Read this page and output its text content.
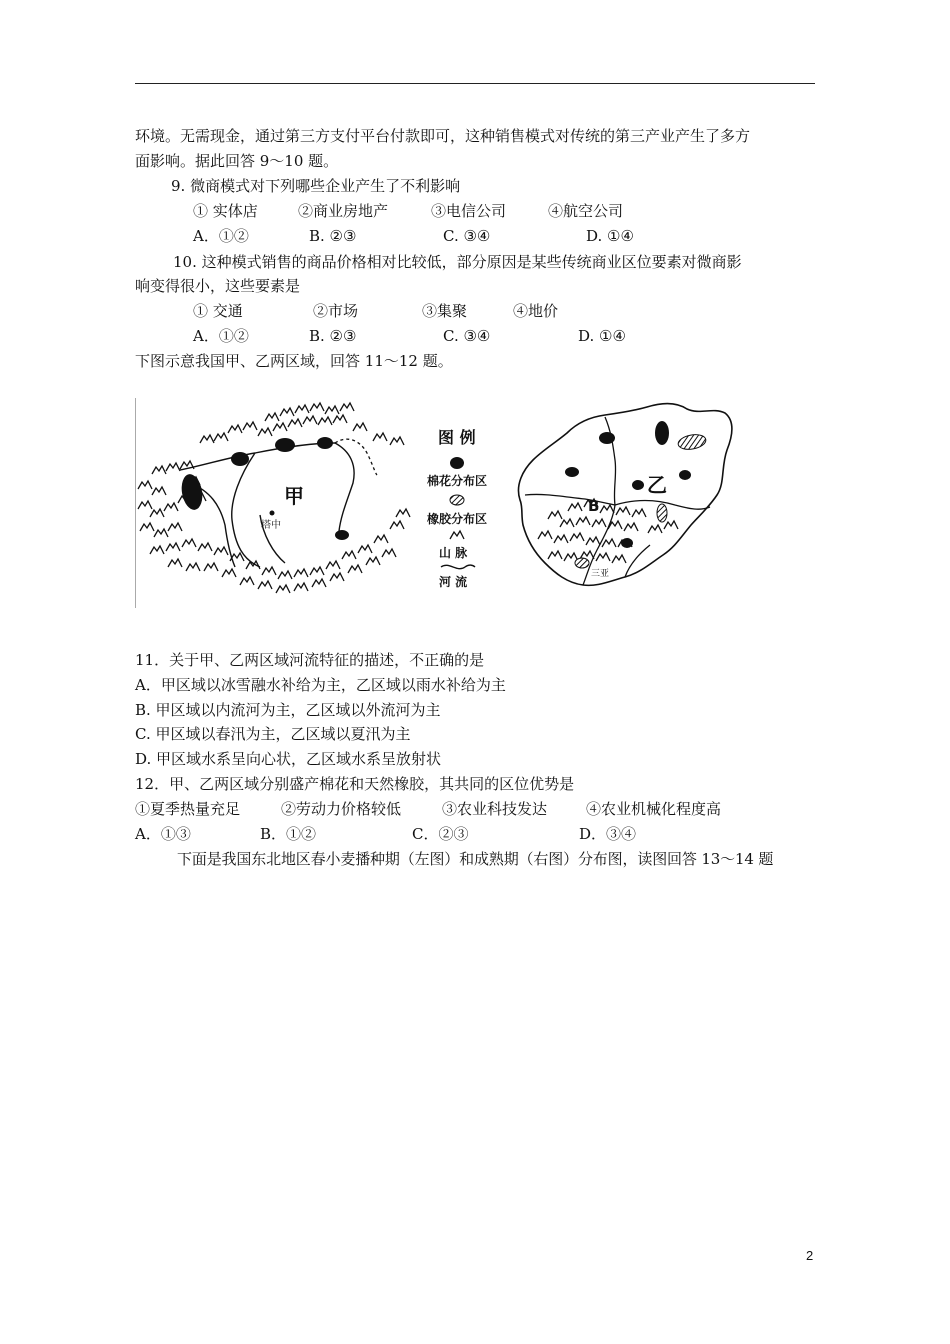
环境。无需现金，通过第三方支付平台付款即可，这种销售模式对传统的第三产业产生了多方
面影响。据此回答 9～10 题。
9. 微商模式对下列哪些企业产生了不利影响
① 实体店	②商业房地产	③电信公司	④航空公司
A．①②	B. ②③	C. ③④	D. ①④
10. 这种模式销售的商品价格相对比较低，部分原因是某些传统商业区位要素对微商影
响变得很小，这些要素是
① 交通	②市场	③集聚	④地价
A．①②	B. ②③	C. ③④	D. ①④
下图示意我国甲、乙两区域，回答 11～12 题。
甲
塔中
图 例
棉花分布区
橡胶分布区
山 脉
河 流
乙
B
三亚
11．关于甲、乙两区域河流特征的描述，不正确的是
A．甲区域以冰雪融水补给为主，乙区域以雨水补给为主
B. 甲区域以内流河为主，乙区域以外流河为主
C. 甲区域以春汛为主，乙区域以夏汛为主
D. 甲区域水系呈向心状，乙区域水系呈放射状
12．甲、乙两区域分别盛产棉花和天然橡胶，其共同的区位优势是
①夏季热量充足	②劳动力价格较低	③农业科技发达	④农业机械化程度高
A．①③	B．①②	C．②③	D．③④
下面是我国东北地区春小麦播种期（左图）和成熟期（右图）分布图，读图回答 13～14 题
2
